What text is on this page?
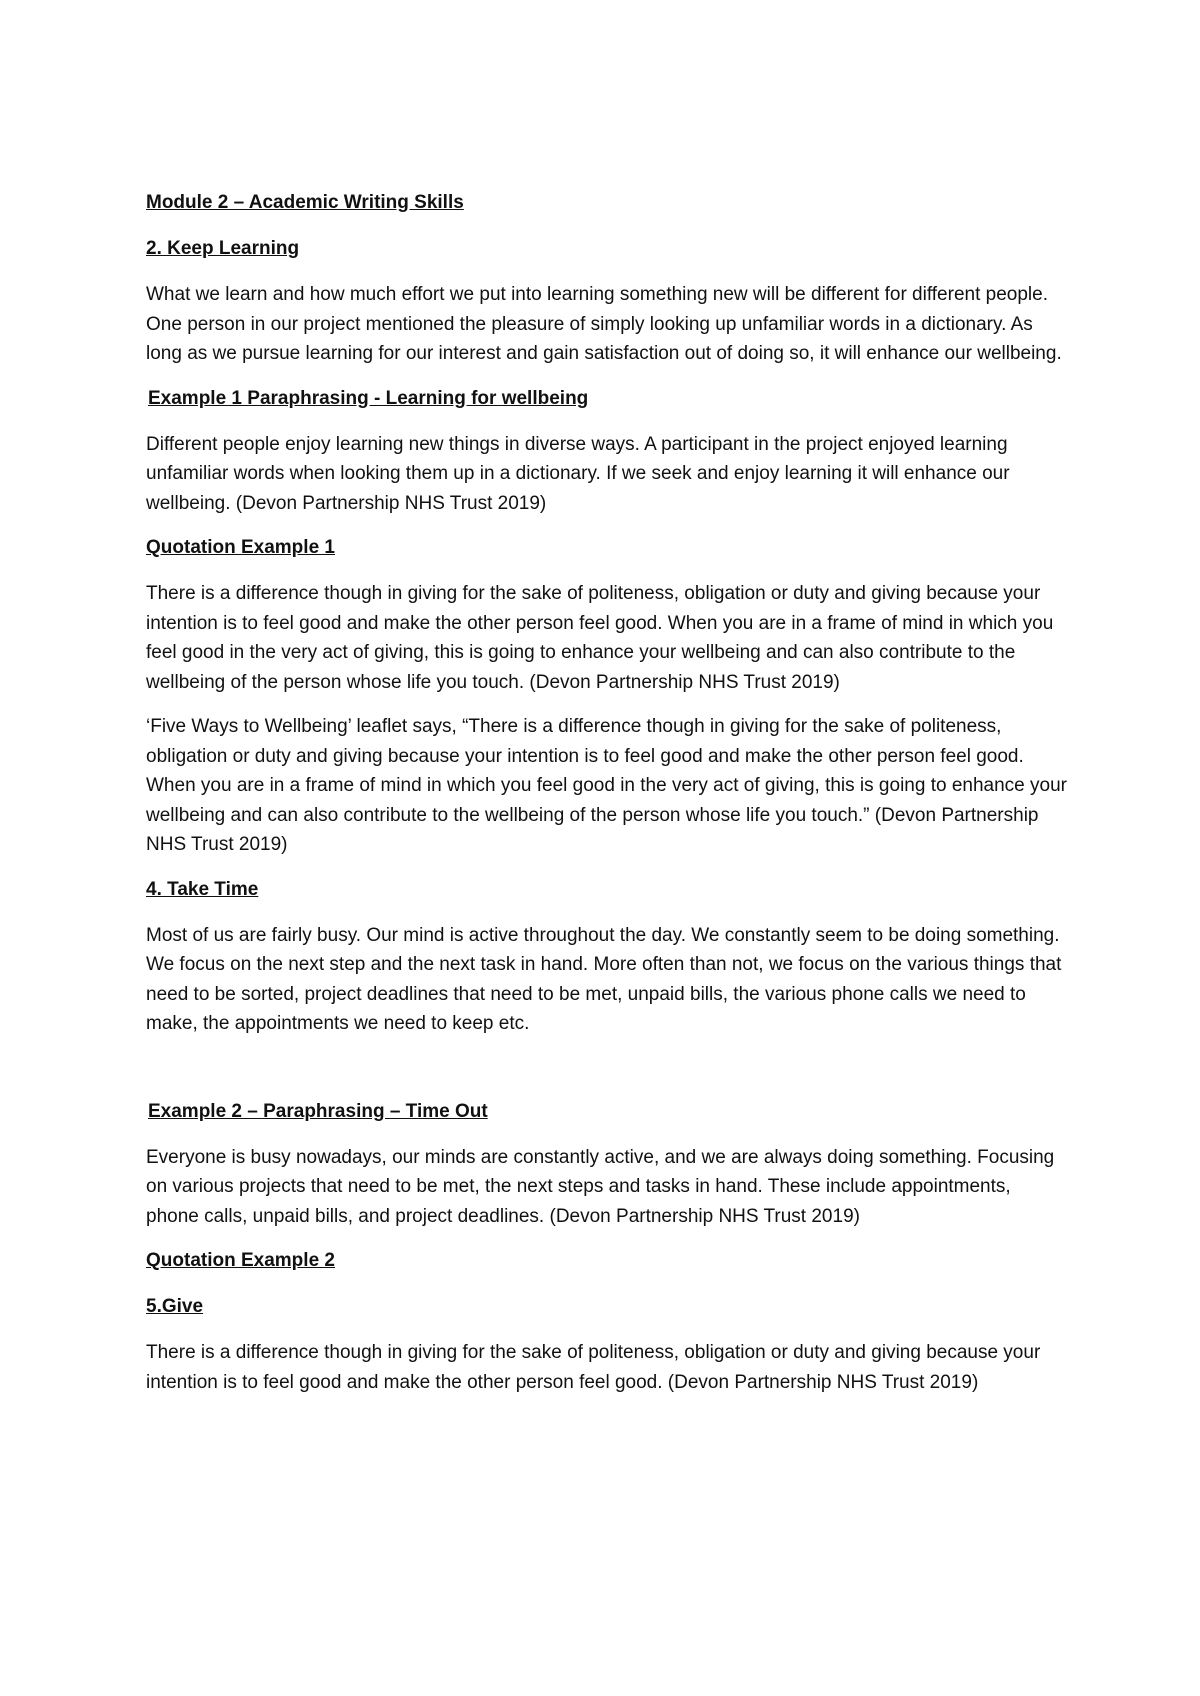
Module 2 – Academic Writing Skills

2. Keep Learning

What we learn and how much effort we put into learning something new will be different for different people. One person in our project mentioned the pleasure of simply looking up unfamiliar words in a dictionary. As long as we pursue learning for our interest and gain satisfaction out of doing so, it will enhance our wellbeing.

Example 1 Paraphrasing - Learning for wellbeing

Different people enjoy learning new things in diverse ways. A participant in the project enjoyed learning unfamiliar words when looking them up in a dictionary. If we seek and enjoy learning it will enhance our wellbeing. (Devon Partnership NHS Trust 2019)

Quotation Example 1

There is a difference though in giving for the sake of politeness, obligation or duty and giving because your intention is to feel good and make the other person feel good. When you are in a frame of mind in which you feel good in the very act of giving, this is going to enhance your wellbeing and can also contribute to the wellbeing of the person whose life you touch. (Devon Partnership NHS Trust 2019)

‘Five Ways to Wellbeing’ leaflet says, “There is a difference though in giving for the sake of politeness, obligation or duty and giving because your intention is to feel good and make the other person feel good. When you are in a frame of mind in which you feel good in the very act of giving, this is going to enhance your wellbeing and can also contribute to the wellbeing of the person whose life you touch.” (Devon Partnership NHS Trust 2019)

4. Take Time

Most of us are fairly busy. Our mind is active throughout the day. We constantly seem to be doing something. We focus on the next step and the next task in hand. More often than not, we focus on the various things that need to be sorted, project deadlines that need to be met, unpaid bills, the various phone calls we need to make, the appointments we need to keep etc.

Example 2 – Paraphrasing – Time Out

Everyone is busy nowadays, our minds are constantly active, and we are always doing something. Focusing on various projects that need to be met, the next steps and tasks in hand. These include appointments, phone calls, unpaid bills, and project deadlines. (Devon Partnership NHS Trust 2019)

Quotation Example 2

5.Give

There is a difference though in giving for the sake of politeness, obligation or duty and giving because your intention is to feel good and make the other person feel good. (Devon Partnership NHS Trust 2019)
